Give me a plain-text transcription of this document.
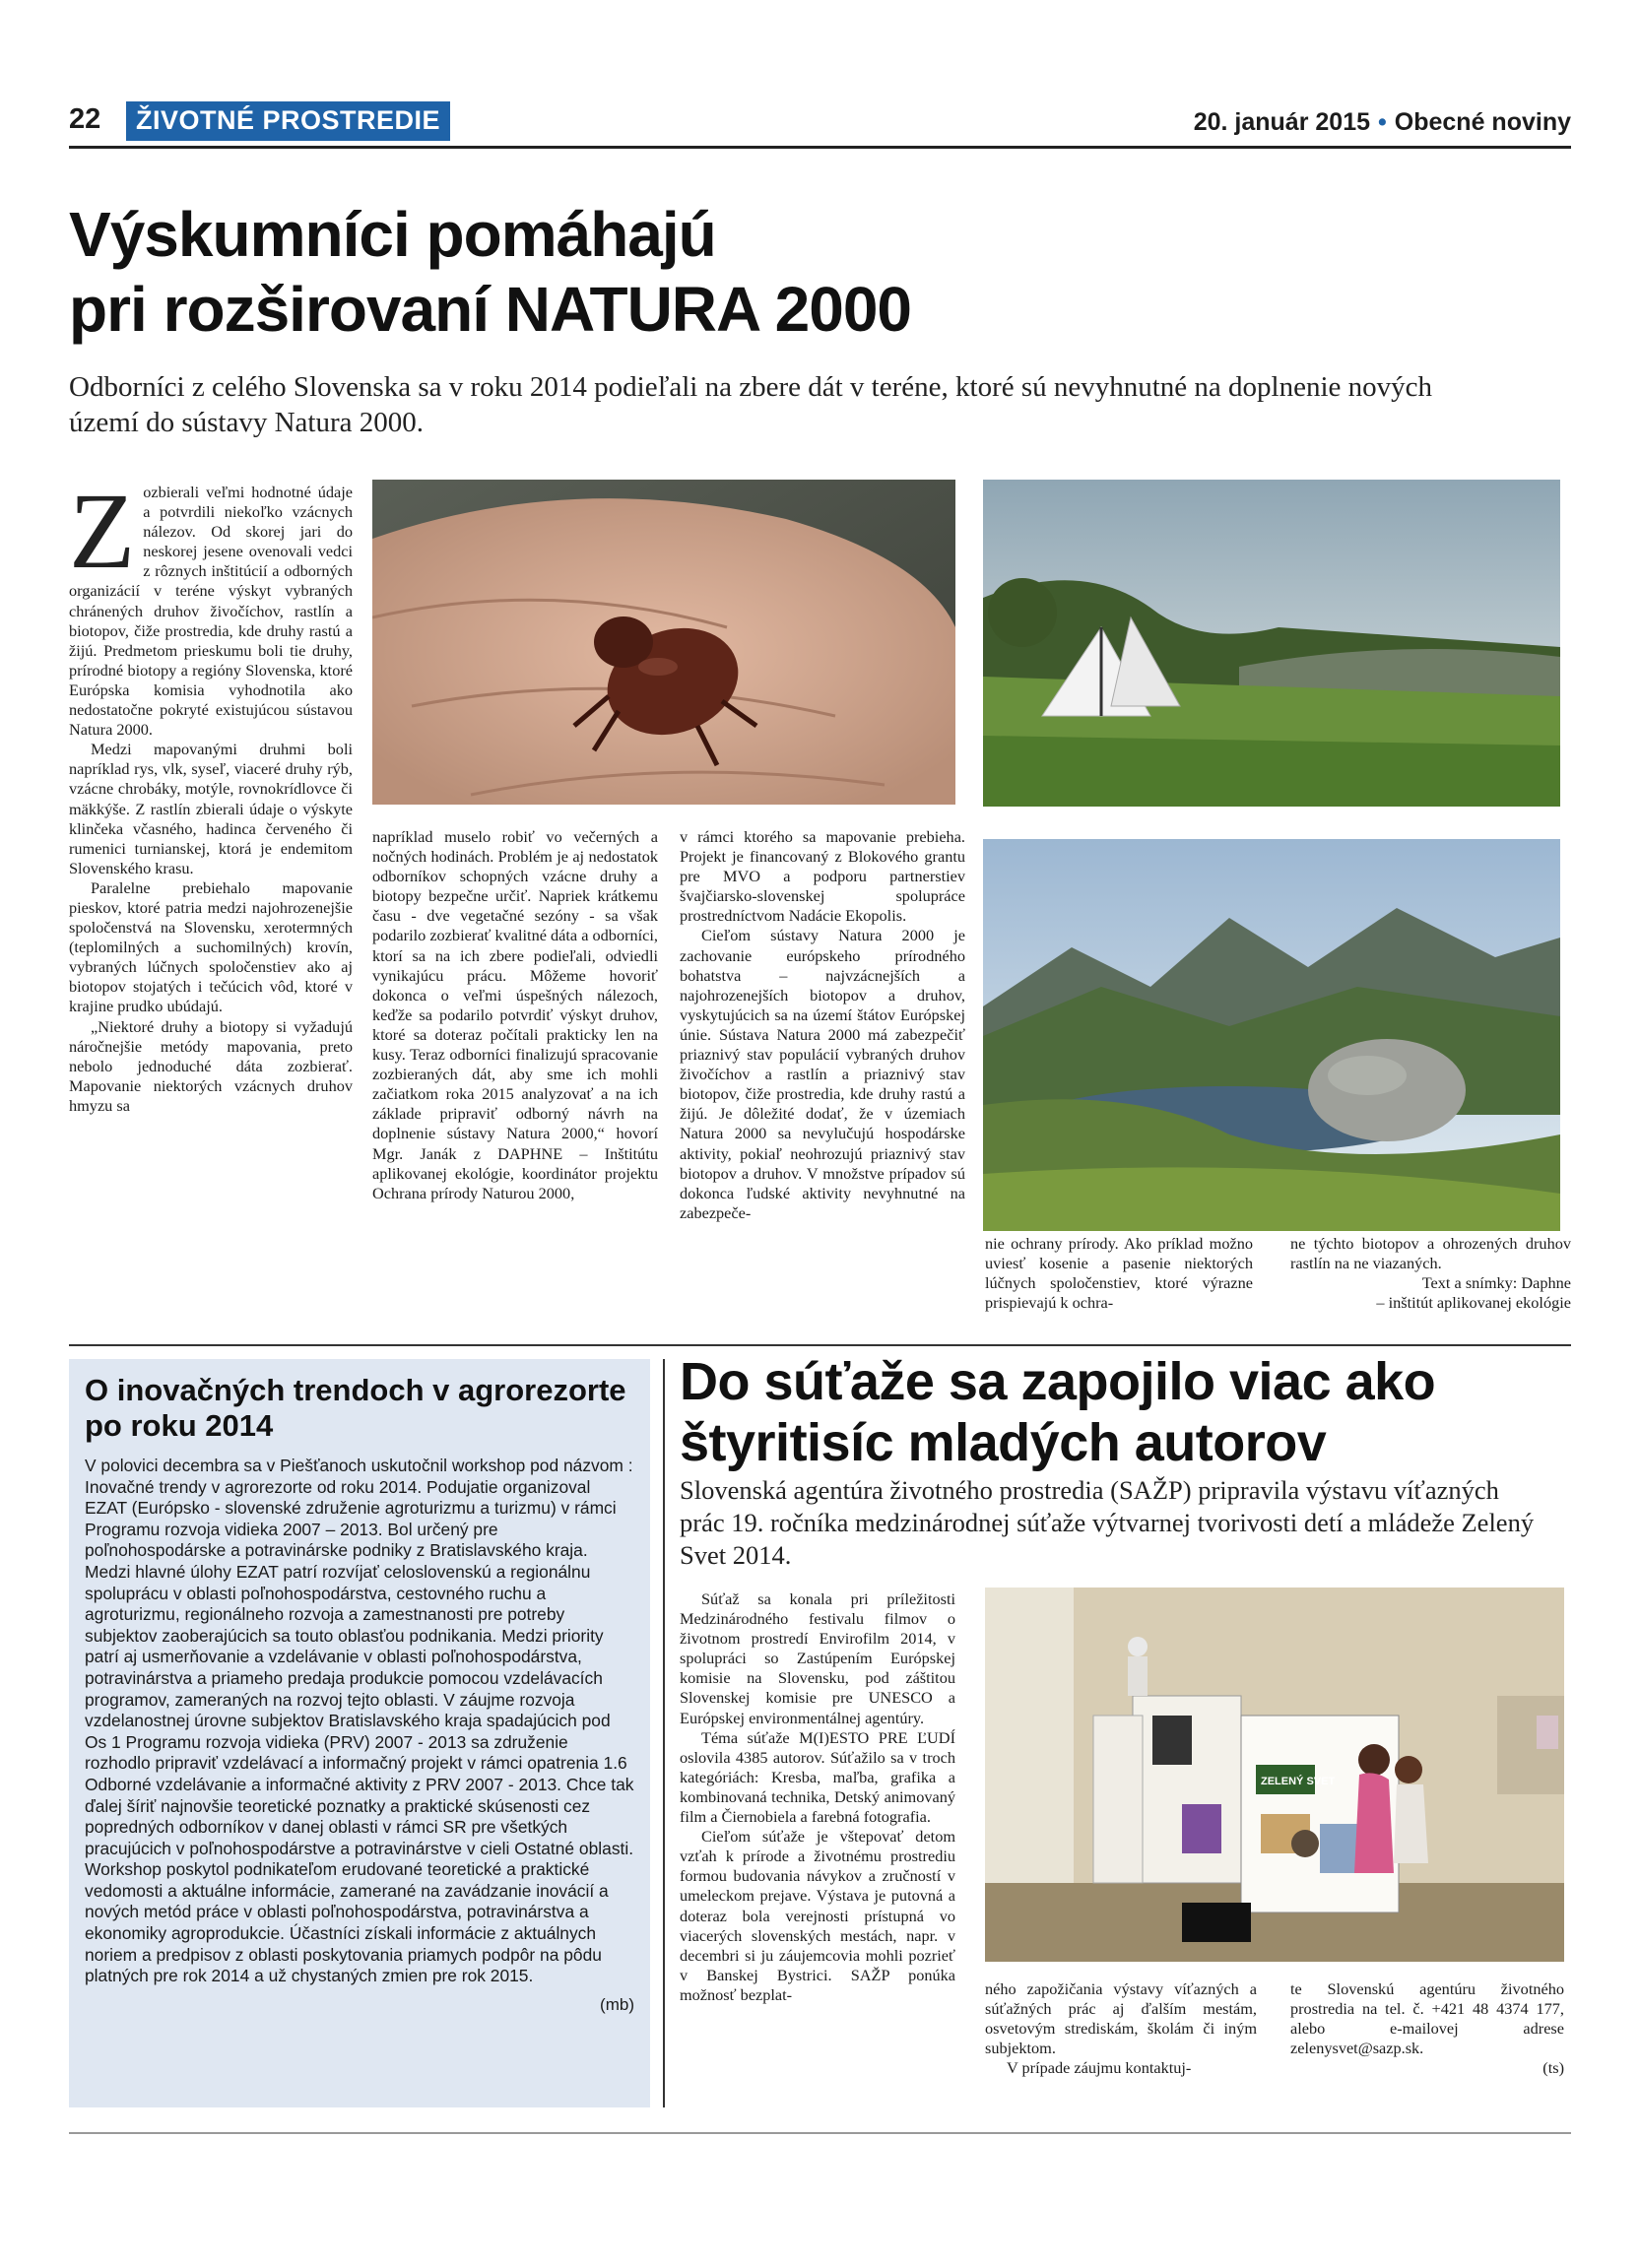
22	ŽIVOTNÉ PROSTREDIE	20. január 2015 • Obecné noviny
Výskumníci pomáhajú
pri rozširovaní NATURA 2000

Odborníci z celého Slovenska sa v roku 2014 podieľali na zbere dát v teréne, ktoré sú nevyhnutné na doplnenie nových území do sústavy Natura 2000.

Zozbierali veľmi hodnotné údaje a potvrdili niekoľko vzácnych nálezov. Od skorej jari do neskorej jesene ovenovali vedci z rôznych inštitúcií a odborných organizácií v teréne výskyt vybraných chránených druhov živočíchov, rastlín a biotopov, čiže prostredia, kde druhy rastú a žijú. Predmetom prieskumu boli tie druhy, prírodné biotopy a regióny Slovenska, ktoré Európska komisia vyhodnotila ako nedostatočne pokryté existujúcou sústavou Natura 2000.

Medzi mapovanými druhmi boli napríklad rys, vlk, syseľ, viaceré druhy rýb, vzácne chrobáky, motýle, rovnokrídlovce či mäkkýše. Z rastlín zbierali údaje o výskyte klinčeka včasného, hadinca červeného či rumenici turnianskej, ktorá je endemitom Slovenského krasu.

Paralelne prebiehalo mapovanie pieskov, ktoré patria medzi najohrozenejšie spoločenstvá na Slovensku, xerotermných (teplomilných a suchomilných) krovín, vybraných lúčnych spoločenstiev ako aj biotopov stojatých i tečúcich vôd, ktoré v krajine prudko ubúdajú.

„Niektoré druhy a biotopy si vyžadujú náročnejšie metódy mapovania, preto nebolo jednoduché dáta zozbierať. Mapovanie niektorých vzácnych druhov hmyzu sa

napríklad muselo robiť vo večerných a nočných hodinách. Problém je aj nedostatok odborníkov schopných vzácne druhy a biotopy bezpečne určiť. Napriek krátkemu času - dve vegetačné sezóny - sa však podarilo zozbierať kvalitné dáta a odborníci, ktorí sa na ich zbere podieľali, odviedli vynikajúcu prácu. Môžeme hovoriť dokonca o veľmi úspešných nálezoch, keďže sa podarilo potvrdiť výskyt druhov, ktoré sa doteraz počítali prakticky len na kusy. Teraz odborníci finalizujú spracovanie zozbieraných dát, aby sme ich mohli začiatkom roka 2015 analyzovať a na ich základe pripraviť odborný návrh na doplnenie sústavy Natura 2000,“ hovorí Mgr. Janák z DAPHNE – Inštitútu aplikovanej ekológie, koordinátor projektu Ochrana prírody Naturou 2000,

v rámci ktorého sa mapovanie prebieha. Projekt je financovaný z Blokového grantu pre MVO a podporu partnerstiev švajčiarsko-slovenskej spolupráce prostredníctvom Nadácie Ekopolis.

Cieľom sústavy Natura 2000 je zachovanie európskeho prírodného bohatstva – najvzácnejších a najohrozenejších biotopov a druhov, vyskytujúcich sa na území štátov Európskej únie. Sústava Natura 2000 má zabezpečiť priaznivý stav populácií vybraných druhov živočíchov a rastlín a priaznivý stav biotopov, čiže prostredia, kde druhy rastú a žijú. Je dôležité dodať, že v územiach Natura 2000 sa nevylučujú hospodárske aktivity, pokiaľ neohrozujú priaznivý stav biotopov a druhov. V množstve prípadov sú dokonca ľudské aktivity nevyhnutné na zabezpeče-

nie ochrany prírody. Ako príklad možno uviesť kosenie a pasenie niektorých lúčnych spoločenstiev, ktoré výrazne prispievajú k ochra-

ne týchto biotopov a ohrozených druhov rastlín na ne viazaných.

Text a snímky: Daphne

– inštitút aplikovanej ekológie

O inovačných trendoch v agrorezorte po roku 2014

V polovici decembra sa v Piešťanoch uskutočnil workshop pod názvom : Inovačné trendy v agrorezorte od roku 2014. Podujatie organizoval EZAT (Európsko - slovenské združenie agroturizmu a turizmu) v rámci Programu rozvoja vidieka 2007 – 2013. Bol určený pre poľnohospodárske a potravinárske podniky z Bratislavského kraja. Medzi hlavné úlohy EZAT patrí rozvíjať celoslovenskú a regionálnu spoluprácu v oblasti poľnohospodárstva, cestovného ruchu a agroturizmu, regionálneho rozvoja a zamestnanosti pre potreby subjektov zaoberajúcich sa touto oblasťou podnikania. Medzi priority patrí aj usmerňovanie a vzdelávanie v oblasti poľnohospodárstva, potravinárstva a priameho predaja produkcie pomocou vzdelávacích programov, zameraných na rozvoj tejto oblasti. V záujme rozvoja vzdelanostnej úrovne subjektov Bratislavského kraja spadajúcich pod Os 1 Programu rozvoja vidieka (PRV) 2007 - 2013 sa združenie rozhodlo pripraviť vzdelávací a informačný projekt v rámci opatrenia 1.6 Odborné vzdelávanie a informačné aktivity z PRV 2007 - 2013. Chce tak ďalej šíriť najnovšie teoretické poznatky a praktické skúsenosti cez popredných odborníkov v danej oblasti v rámci SR pre všetkých pracujúcich v poľnohospodárstve a potravinárstve v cieli Ostatné oblasti. Workshop poskytol podnikateľom erudované teoretické a praktické vedomosti a aktuálne informácie, zamerané na zavádzanie inovácií a nových metód práce v oblasti poľnohospodárstva, potravinárstva a ekonomiky agroprodukcie. Účastníci získali informácie z aktuálnych noriem a predpisov z oblasti poskytovania priamych podpôr na pôdu platných pre rok 2014 a už chystaných zmien pre rok 2015.

(mb)

Do súťaže sa zapojilo viac ako
štyritisíc mladých autorov

Slovenská agentúra životného prostredia (SAŽP) pripravila výstavu víťazných prác 19. ročníka medzinárodnej súťaže výtvarnej tvorivosti detí a mládeže Zelený Svet 2014.

Súťaž sa konala pri príležitosti Medzinárodného festivalu filmov o životnom prostredí Envirofilm 2014, v spolupráci so Zastúpením Európskej komisie na Slovensku, pod záštitou Slovenskej komisie pre UNESCO a Európskej environmentálnej agentúry.

Téma súťaže M(I)ESTO PRE ĽUDÍ oslovila 4385 autorov. Súťažilo sa v troch kategóriách: Kresba, maľba, grafika a kombinovaná technika, Detský animovaný film a Čiernobiela a farebná fotografia.

Cieľom súťaže je vštepovať detom vzťah k prírode a životnému prostrediu formou budovania návykov a zručností v umeleckom prejave. Výstava je putovná a doteraz bola verejnosti prístupná vo viacerých slovenských mestách, napr. v decembri si ju záujemcovia mohli pozrieť v Banskej Bystrici. SAŽP ponúka možnosť bezplat-

ZELENÝ SVET

ného zapožičania výstavy víťazných a súťažných prác aj ďalším mestám, osvetovým strediskám, školám či iným subjektom.

V prípade záujmu kontaktuj-

te Slovenskú agentúru životného prostredia na tel. č. +421 48 4374 177, alebo e-mailovej adrese zelenysvet@sazp.sk.

(ts)
